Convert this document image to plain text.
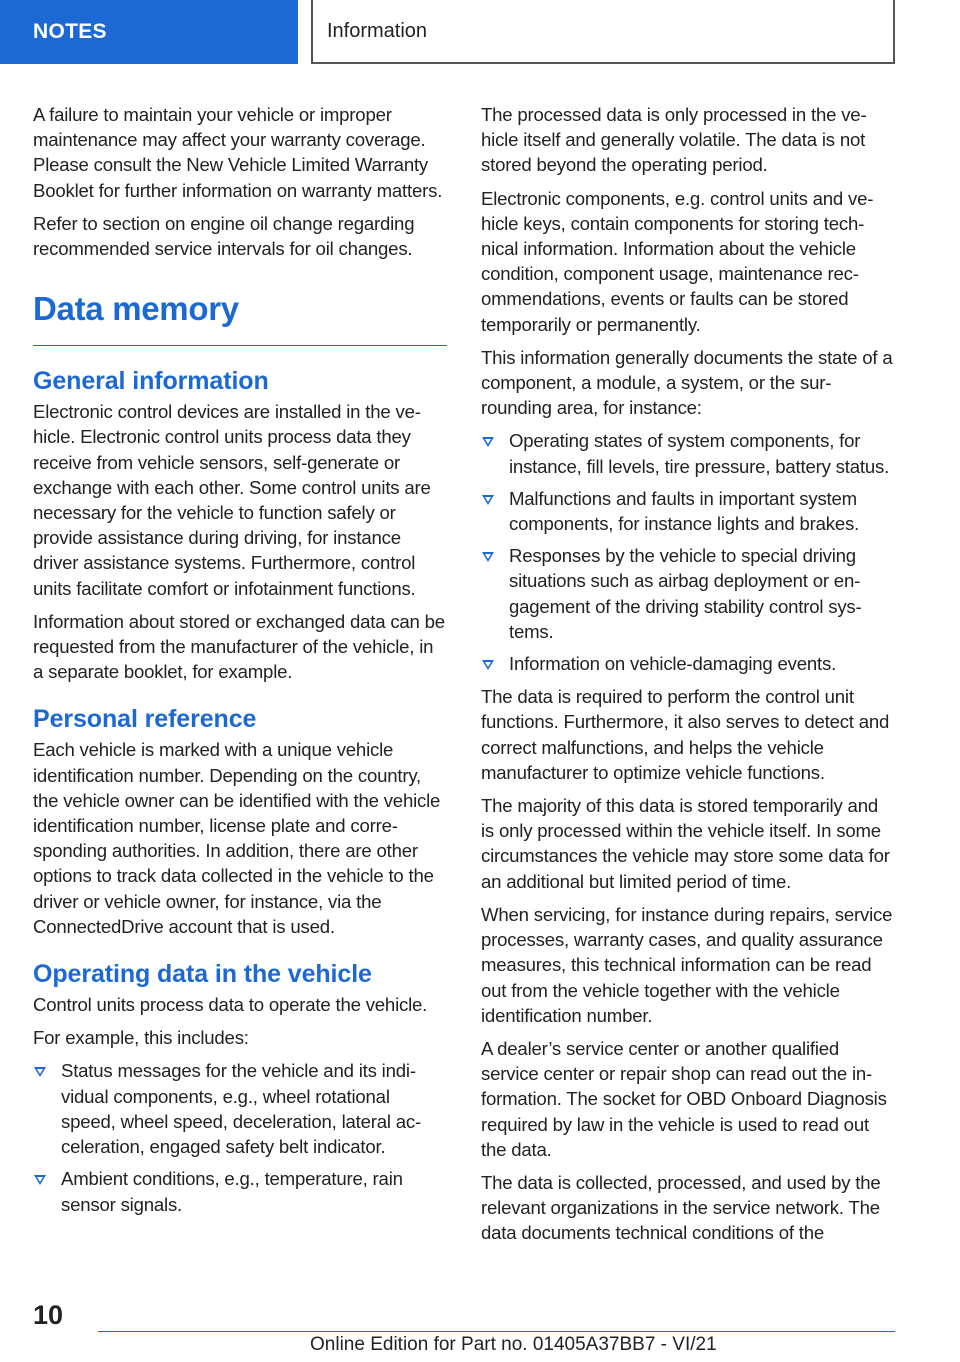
NOTES	Information

A failure to maintain your vehicle or improper maintenance may affect your warranty coverage. Please consult the New Vehicle Limited Warranty Booklet for further information on warranty matters.

Refer to section on engine oil change regarding recommended service intervals for oil changes.

Data memory
General information

Electronic control devices are installed in the vehicle. Electronic control units process data they receive from vehicle sensors, self-generate or exchange with each other. Some control units are necessary for the vehicle to function safely or provide assistance during driving, for instance driver assistance systems. Furthermore, control units facilitate comfort or infotainment functions.

Information about stored or exchanged data can be requested from the manufacturer of the vehicle, in a separate booklet, for example.

Personal reference

Each vehicle is marked with a unique vehicle identification number. Depending on the country, the vehicle owner can be identified with the vehicle identification number, license plate and corresponding authorities. In addition, there are other options to track data collected in the vehicle to the driver or vehicle owner, for instance, via the ConnectedDrive account that is used.

Operating data in the vehicle

Control units process data to operate the vehicle.

For example, this includes:

Status messages for the vehicle and its individual components, e.g., wheel rotational speed, wheel speed, deceleration, lateral acceleration, engaged safety belt indicator.

Ambient conditions, e.g., temperature, rain sensor signals.

The processed data is only processed in the vehicle itself and generally volatile. The data is not stored beyond the operating period.

Electronic components, e.g. control units and vehicle keys, contain components for storing technical information. Information about the vehicle condition, component usage, maintenance recommendations, events or faults can be stored temporarily or permanently.

This information generally documents the state of a component, a module, a system, or the surrounding area, for instance:

Operating states of system components, for instance, fill levels, tire pressure, battery status.

Malfunctions and faults in important system components, for instance lights and brakes.

Responses by the vehicle to special driving situations such as airbag deployment or engagement of the driving stability control systems.

Information on vehicle-damaging events.

The data is required to perform the control unit functions. Furthermore, it also serves to detect and correct malfunctions, and helps the vehicle manufacturer to optimize vehicle functions.

The majority of this data is stored temporarily and is only processed within the vehicle itself. In some circumstances the vehicle may store some data for an additional but limited period of time.

When servicing, for instance during repairs, service processes, warranty cases, and quality assurance measures, this technical information can be read out from the vehicle together with the vehicle identification number.

A dealer’s service center or another qualified service center or repair shop can read out the information. The socket for OBD Onboard Diagnosis required by law in the vehicle is used to read out the data.

The data is collected, processed, and used by the relevant organizations in the service network. The data documents technical conditions of the

10
Online Edition for Part no. 01405A37BB7 - VI/21
